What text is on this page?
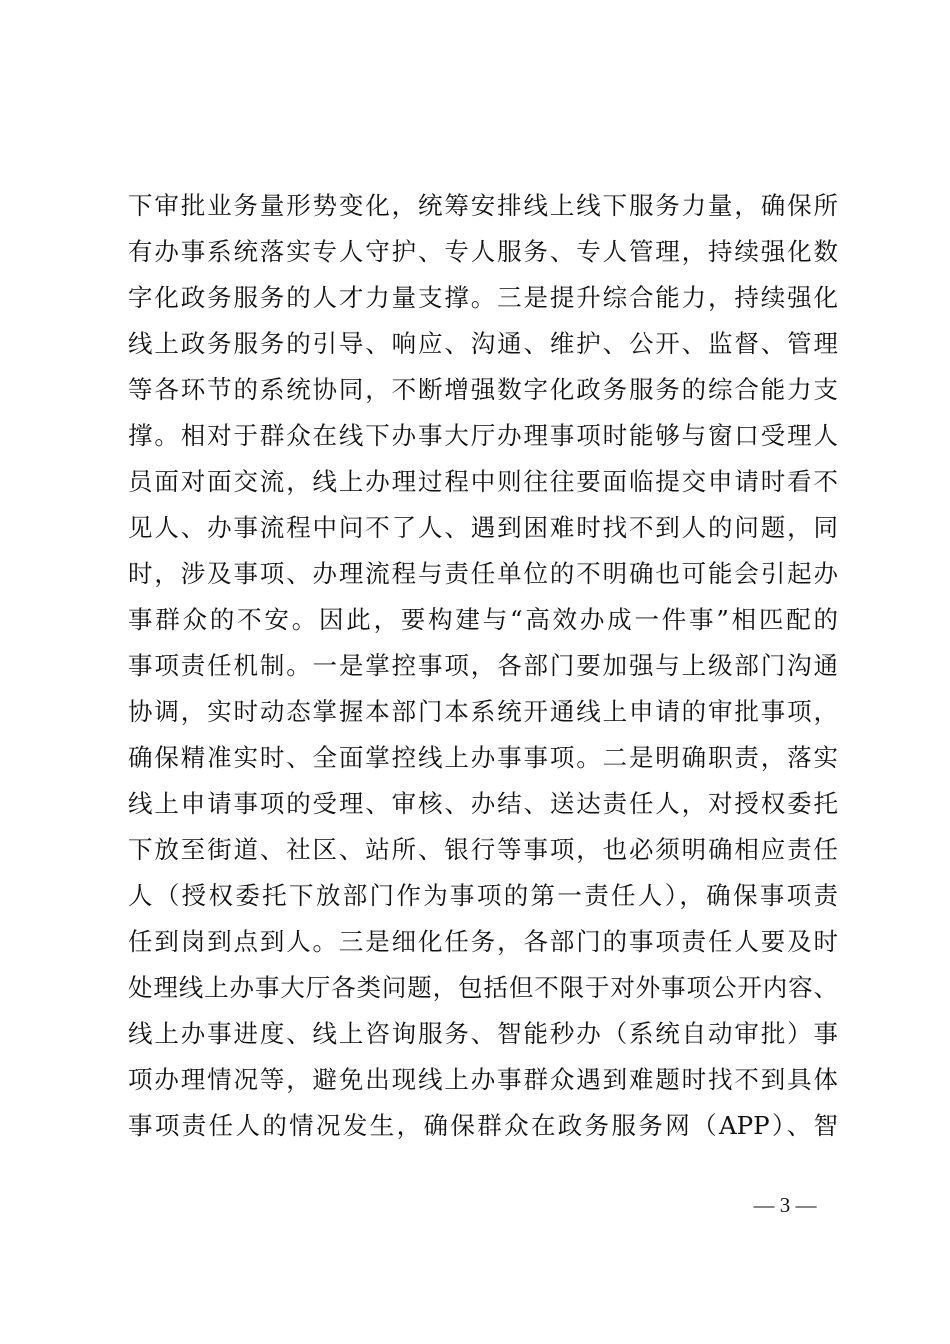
下审批业务量形势变化，统筹安排线上线下服务力量，确保所
有办事系统落实专人守护、专人服务、专人管理，持续强化数
字化政务服务的人才力量支撑。三是提升综合能力，持续强化
线上政务服务的引导、响应、沟通、维护、公开、监督、管理
等各环节的系统协同，不断增强数字化政务服务的综合能力支
撑。相对于群众在线下办事大厅办理事项时能够与窗口受理人
员面对面交流，线上办理过程中则往往要面临提交申请时看不
见人、办事流程中问不了人、遇到困难时找不到人的问题，同
时，涉及事项、办理流程与责任单位的不明确也可能会引起办
事群众的不安。因此，要构建与“高效办成一件事”相匹配的
事项责任机制。一是掌控事项，各部门要加强与上级部门沟通
协调，实时动态掌握本部门本系统开通线上申请的审批事项，
确保精准实时、全面掌控线上办事事项。二是明确职责，落实
线上申请事项的受理、审核、办结、送达责任人，对授权委托
下放至街道、社区、站所、银行等事项，也必须明确相应责任
人（授权委托下放部门作为事项的第一责任人），确保事项责
任到岗到点到人。三是细化任务，各部门的事项责任人要及时
处理线上办事大厅各类问题，包括但不限于对外事项公开内容、
线上办事进度、线上咨询服务、智能秒办（系统自动审批）事
项办理情况等，避免出现线上办事群众遇到难题时找不到具体
事项责任人的情况发生，确保群众在政务服务网（APP）、智
— 3 —
